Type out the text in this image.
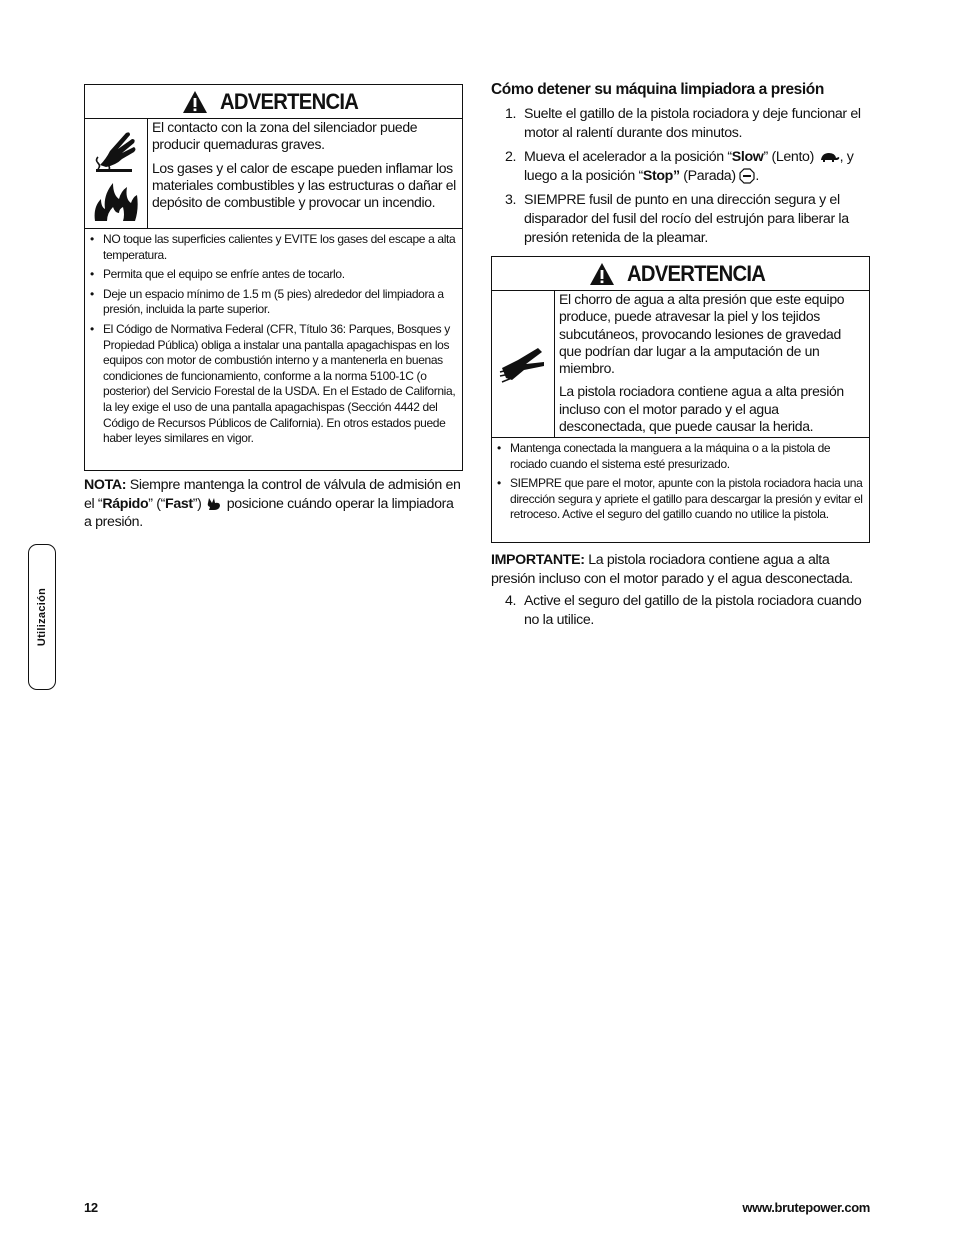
ADVERTENCIA

El contacto con la zona del silenciador puede producir quemaduras graves.

Los gases y el calor de escape pueden inflamar los materiales combustibles y las estructuras o dañar el depósito de combustible y provocar un incendio.

• NO toque las superficies calientes y EVITE los gases del escape a alta temperatura.
• Permita que el equipo se enfríe antes de tocarlo.
• Deje un espacio mínimo de 1.5 m (5 pies) alrededor del limpiadora a presión, incluida la parte superior.
• El Código de Normativa Federal (CFR, Título 36: Parques, Bosques y Propiedad Pública) obliga a instalar una pantalla apagachispas en los equipos con motor de combustión interno y a mantenerla en buenas condiciones de funcionamiento, conforme a la norma 5100-1C (o posterior) del Servicio Forestal de la USDA. En el Estado de California, la ley exige el uso de una pantalla apagachispas (Sección 4442 del Código de Recursos Públicos de California). En otros estados puede haber leyes similares en vigor.
NOTA: Siempre mantenga la control de válvula de admisión en el “Rápido” (“Fast”)  posicione cuándo operar la limpiadora a presión.
Cómo detener su máquina limpiadora a presión
1. Suelte el gatillo de la pistola rociadora y deje funcionar el motor al ralentí durante dos minutos.
2. Mueva el acelerador a la posición “Slow” (Lento) , y luego a la posición “Stop” (Parada) .
3. SIEMPRE fusil de punto en una dirección segura y el disparador del fusil del rocío del estrujón para liberar la presión retenida de la pleamar.
ADVERTENCIA

El chorro de agua a alta presión que este equipo produce, puede atravesar la piel y los tejidos subcutáneos, provocando lesiones de gravedad que podrían dar lugar a la amputación de un miembro.

La pistola rociadora contiene agua a alta presión incluso con el motor parado y el agua desconectada, que puede causar la herida.

• Mantenga conectada la manguera a la máquina o a la pistola de rociado cuando el sistema esté presurizado.
• SIEMPRE que pare el motor, apunte con la pistola rociadora hacia una dirección segura y apriete el gatillo para descargar la presión y evitar el retroceso. Active el seguro del gatillo cuando no utilice la pistola.
IMPORTANTE: La pistola rociadora contiene agua a alta presión incluso con el motor parado y el agua desconectada.
4. Active el seguro del gatillo de la pistola rociadora cuando no la utilice.
Utilización
12	www.brutepower.com
